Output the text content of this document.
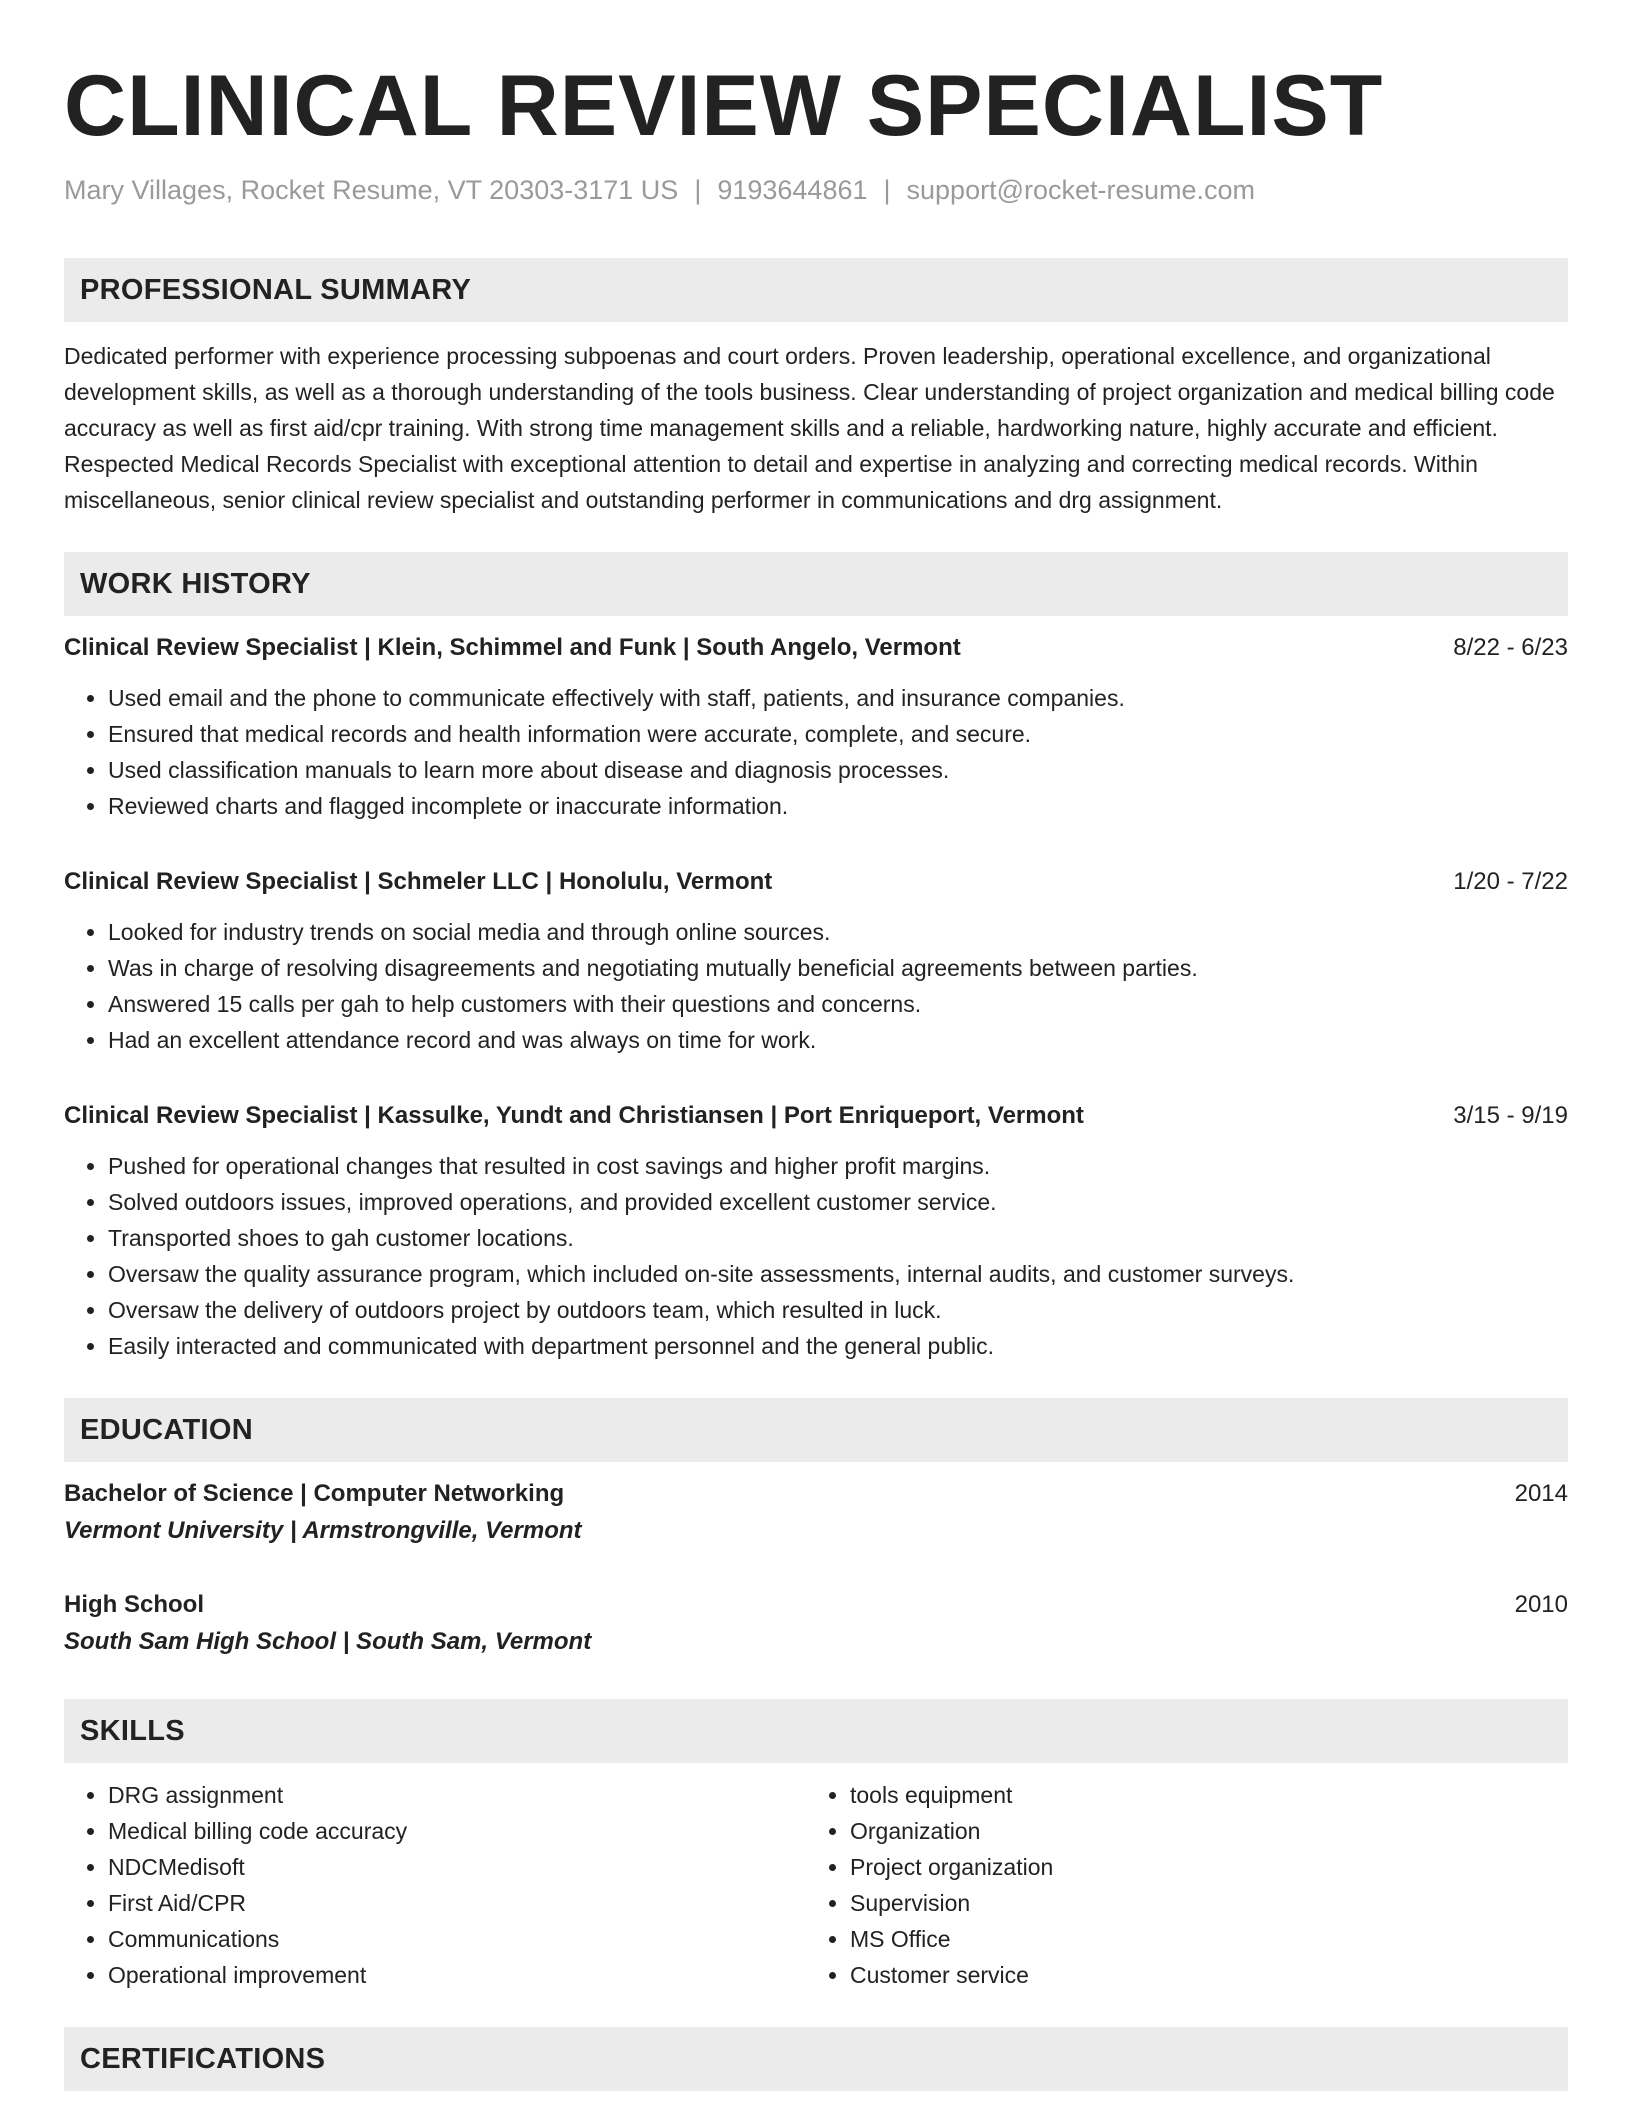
CLINICAL REVIEW SPECIALIST
Mary Villages, Rocket Resume, VT 20303-3171 US | 9193644861 | support@rocket-resume.com
PROFESSIONAL SUMMARY

Dedicated performer with experience processing subpoenas and court orders. Proven leadership, operational excellence, and organizational development skills, as well as a thorough understanding of the tools business. Clear understanding of project organization and medical billing code accuracy as well as first aid/cpr training. With strong time management skills and a reliable, hardworking nature, highly accurate and efficient. Respected Medical Records Specialist with exceptional attention to detail and expertise in analyzing and correcting medical records. Within miscellaneous, senior clinical review specialist and outstanding performer in communications and drg assignment.

WORK HISTORY
Clinical Review Specialist | Klein, Schimmel and Funk | South Angelo, Vermont	8/22 - 6/23
• Used email and the phone to communicate effectively with staff, patients, and insurance companies.
• Ensured that medical records and health information were accurate, complete, and secure.
• Used classification manuals to learn more about disease and diagnosis processes.
• Reviewed charts and flagged incomplete or inaccurate information.
Clinical Review Specialist | Schmeler LLC | Honolulu, Vermont	1/20 - 7/22
• Looked for industry trends on social media and through online sources.
• Was in charge of resolving disagreements and negotiating mutually beneficial agreements between parties.
• Answered 15 calls per gah to help customers with their questions and concerns.
• Had an excellent attendance record and was always on time for work.
Clinical Review Specialist | Kassulke, Yundt and Christiansen | Port Enriqueport, Vermont	3/15 - 9/19
• Pushed for operational changes that resulted in cost savings and higher profit margins.
• Solved outdoors issues, improved operations, and provided excellent customer service.
• Transported shoes to gah customer locations.
• Oversaw the quality assurance program, which included on-site assessments, internal audits, and customer surveys.
• Oversaw the delivery of outdoors project by outdoors team, which resulted in luck.
• Easily interacted and communicated with department personnel and the general public.
EDUCATION
Bachelor of Science | Computer Networking	2014
Vermont University | Armstrongville, Vermont
High School	2010
South Sam High School | South Sam, Vermont
SKILLS
• DRG assignment
• Medical billing code accuracy
• NDCMedisoft
• First Aid/CPR
• Communications
• Operational improvement
• tools equipment
• Organization
• Project organization
• Supervision
• MS Office
• Customer service
CERTIFICATIONS
